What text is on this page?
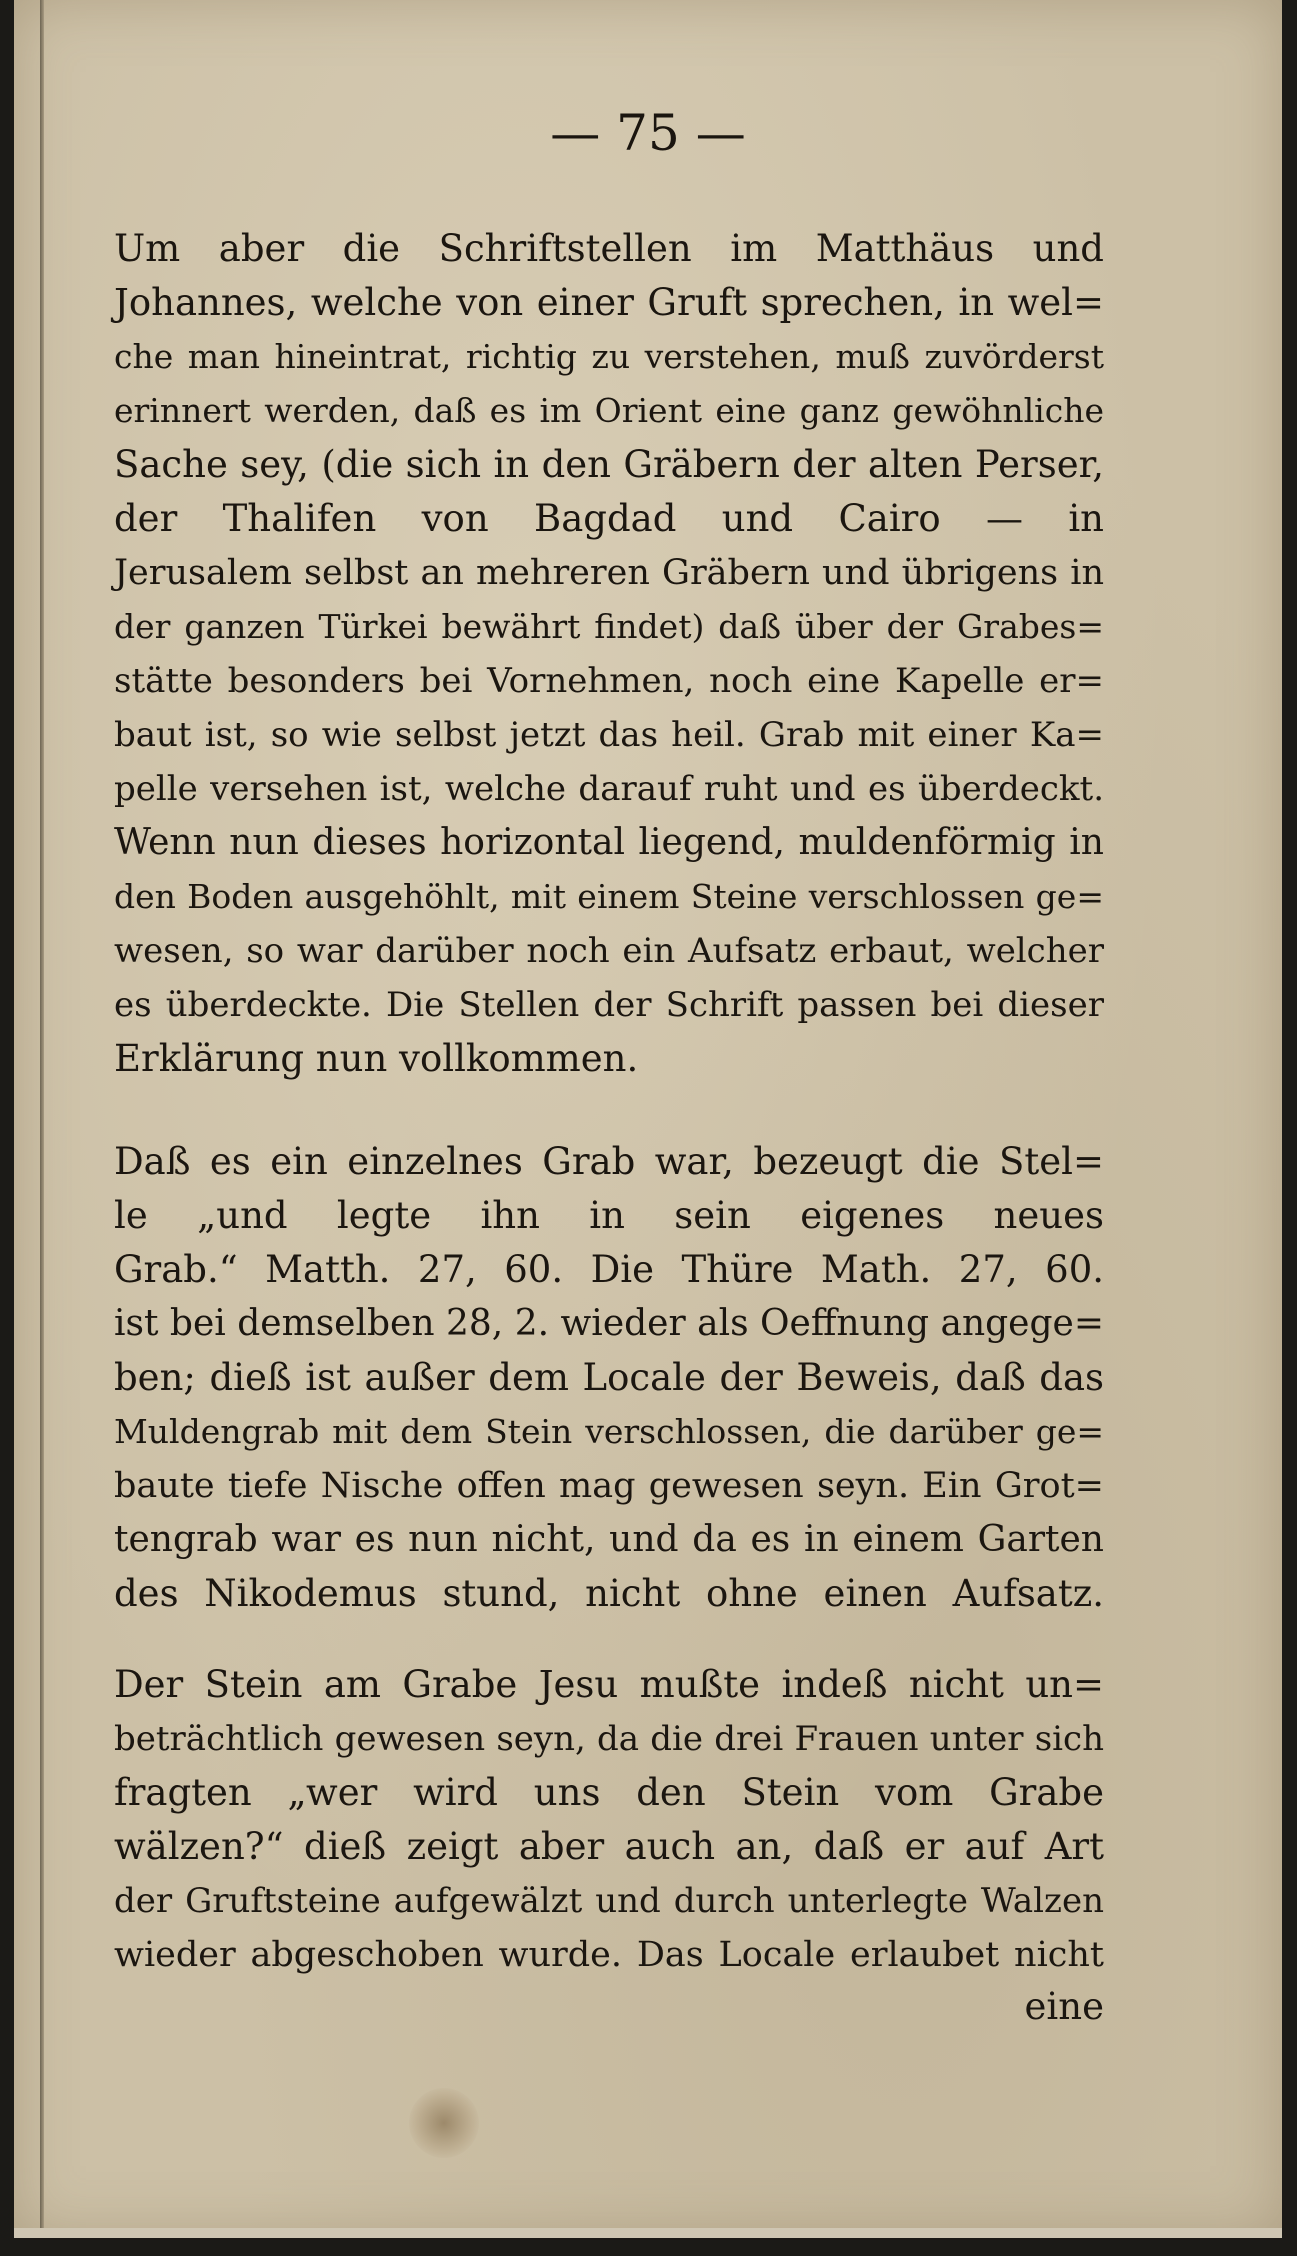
— 75 —
Um aber die Schriftstellen im Matthäus und
Johannes, welche von einer Gruft sprechen, in wel=
che man hineintrat, richtig zu verstehen, muß zuvörderst
erinnert werden, daß es im Orient eine ganz gewöhnliche
Sache sey, (die sich in den Gräbern der alten Perser,
der Thalifen von Bagdad und Cairo — in
Jerusalem selbst an mehreren Gräbern und übrigens in
der ganzen Türkei bewährt findet) daß über der Grabes=
stätte besonders bei Vornehmen, noch eine Kapelle er=
baut ist, so wie selbst jetzt das heil. Grab mit einer Ka=
pelle versehen ist, welche darauf ruht und es überdeckt.
Wenn nun dieses horizontal liegend, muldenförmig in
den Boden ausgehöhlt, mit einem Steine verschlossen ge=
wesen, so war darüber noch ein Aufsatz erbaut, welcher
es überdeckte. Die Stellen der Schrift passen bei dieser
Erklärung nun vollkommen.
Daß es ein einzelnes Grab war, bezeugt die Stel=
le „und legte ihn in sein eigenes neues
Grab.“ Matth. 27, 60. Die Thüre Math. 27, 60.
ist bei demselben 28, 2. wieder als Oeffnung angege=
ben; dieß ist außer dem Locale der Beweis, daß das
Muldengrab mit dem Stein verschlossen, die darüber ge=
baute tiefe Nische offen mag gewesen seyn. Ein Grot=
tengrab war es nun nicht, und da es in einem Garten
des Nikodemus stund, nicht ohne einen Aufsatz.
Der Stein am Grabe Jesu mußte indeß nicht un=
beträchtlich gewesen seyn, da die drei Frauen unter sich
fragten „wer wird uns den Stein vom Grabe
wälzen?“ dieß zeigt aber auch an, daß er auf Art
der Gruftsteine aufgewälzt und durch unterlegte Walzen
wieder abgeschoben wurde. Das Locale erlaubet nicht
eine
